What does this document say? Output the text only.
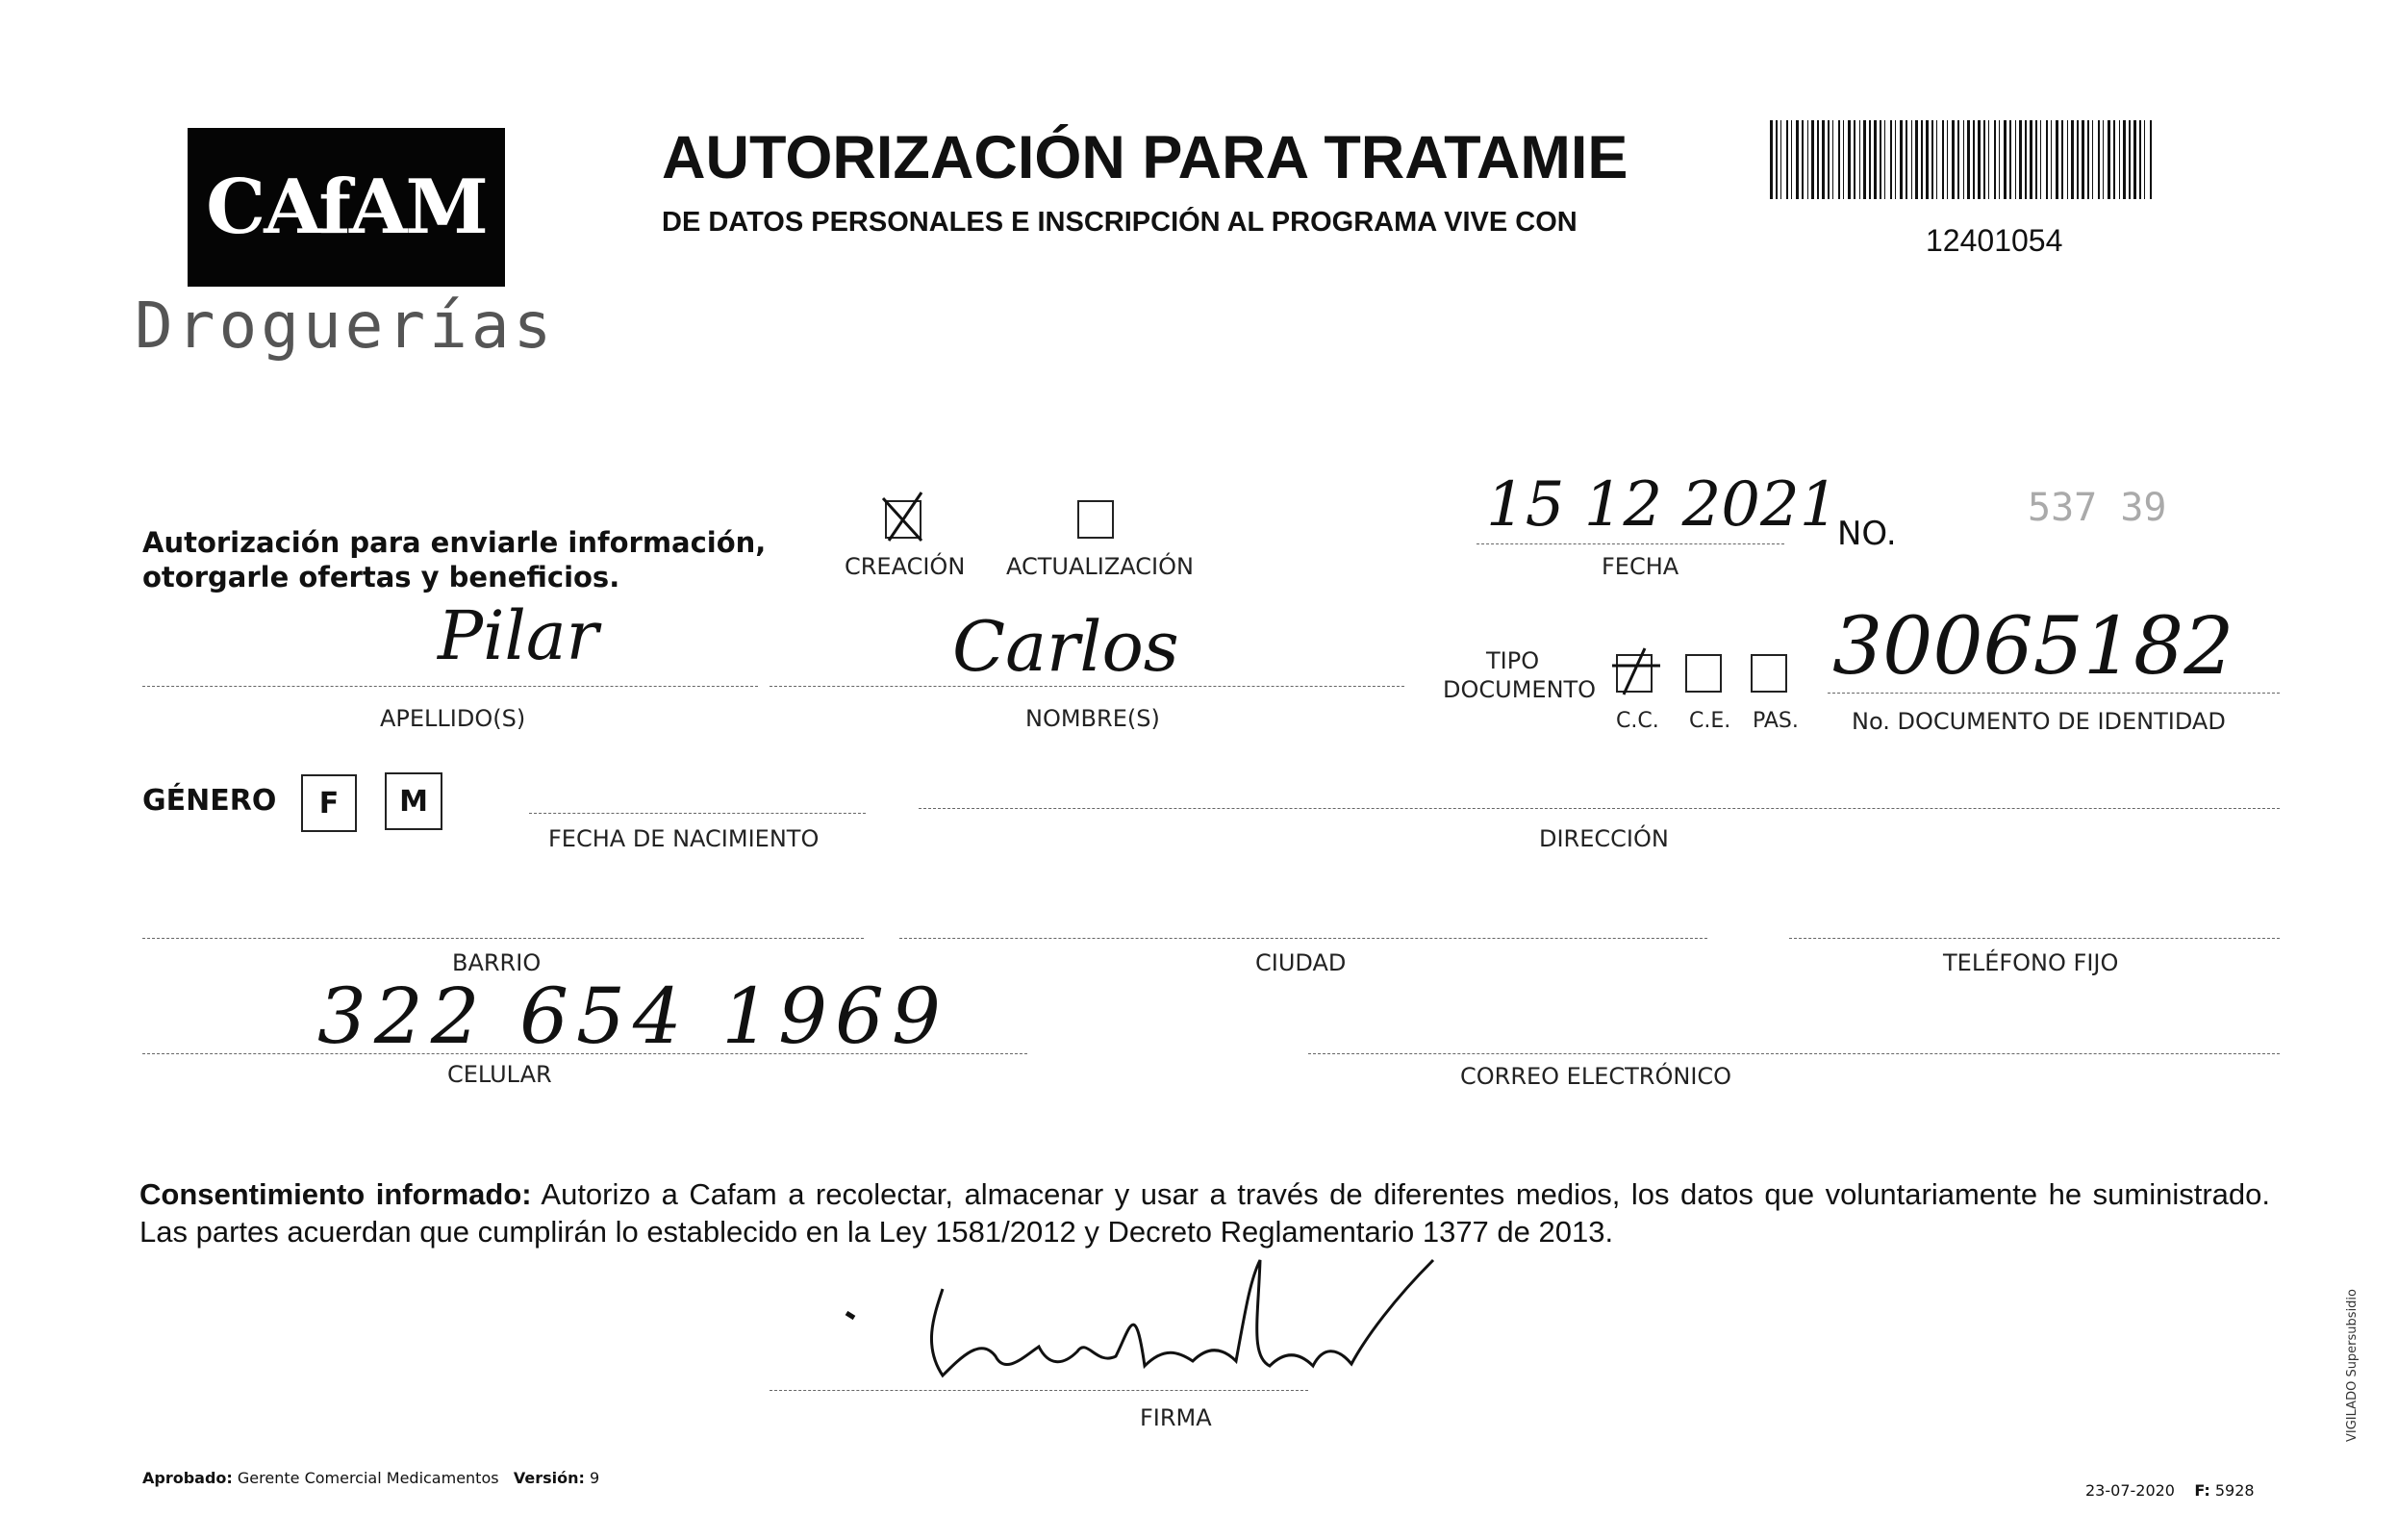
CAfAM
Droguerías
AUTORIZACIÓN PARA TRATAMIE
DE DATOS PERSONALES E INSCRIPCIÓN AL PROGRAMA VIVE CON
12401054
Autorización para enviarle información,
otorgarle ofertas y beneficios.	CREACIÓN ACTUALIZACIÓN
15 12 2021
FECHA
NO.
537 39
Pilar
APELLIDO(S)
Carlos
NOMBRE(S)
TIPO
DOCUMENTO
C.C. C.E. PAS.
30065182
No. DOCUMENTO DE IDENTIDAD
GÉNERO F M
FECHA DE NACIMIENTO	DIRECCIÓN
BARRIO	CIUDAD	TELÉFONO FIJO
322 654 1969
CELULAR	CORREO ELECTRÓNICO
Consentimiento informado: Autorizo a Cafam a recolectar, almacenar y usar a través de diferentes medios, los datos que voluntariamente he suministrado. Las partes acuerdan que cumplirán lo establecido en la Ley 1581/2012 y Decreto Reglamentario 1377 de 2013.
FIRMA
Aprobado: Gerente Comercial Medicamentos Versión: 9
23-07-2020 F: 5928
VIGILADO Supersubsidio
